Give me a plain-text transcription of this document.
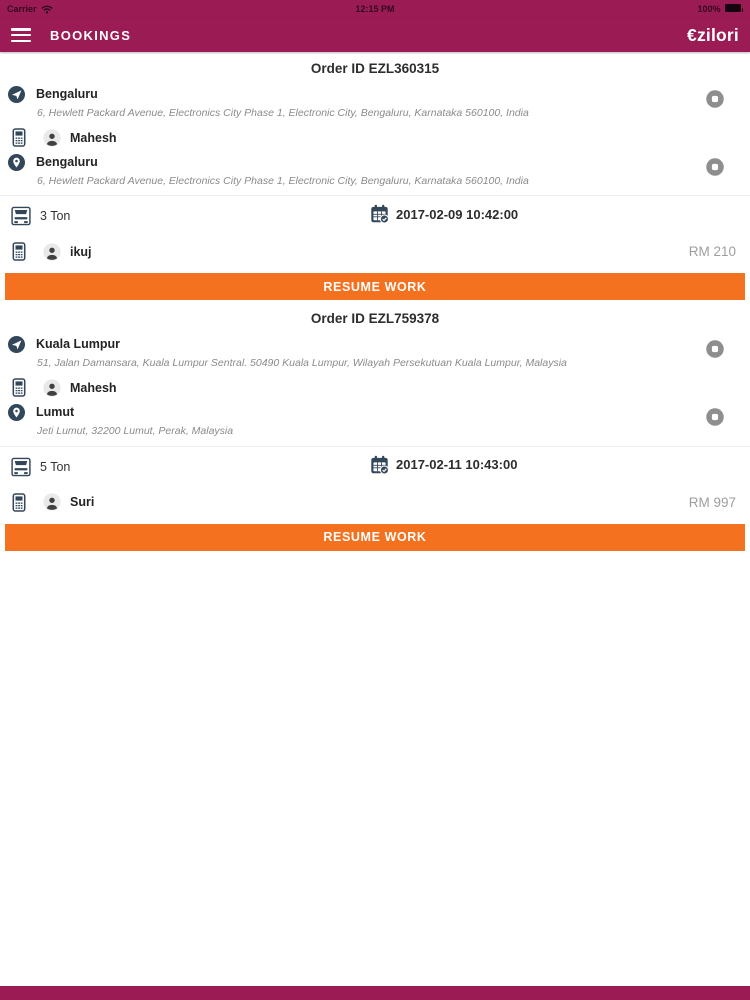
Carrier	12:15 PM	100%
BOOKINGS	€zilori
Order ID EZL360315
Bengaluru
6, Hewlett Packard Avenue, Electronics City Phase 1, Electronic City, Bengaluru, Karnataka 560100, India
Mahesh
Bengaluru
6, Hewlett Packard Avenue, Electronics City Phase 1, Electronic City, Bengaluru, Karnataka 560100, India
3 Ton	2017-02-09 10:42:00
ikuj	RM 210
RESUME WORK
Order ID EZL759378
Kuala Lumpur
51, Jalan Damansara, Kuala Lumpur Sentral. 50490 Kuala Lumpur, Wilayah Persekutuan Kuala Lumpur, Malaysia
Mahesh
Lumut
Jeti Lumut, 32200 Lumut, Perak, Malaysia
5 Ton	2017-02-11 10:43:00
Suri	RM 997
RESUME WORK
